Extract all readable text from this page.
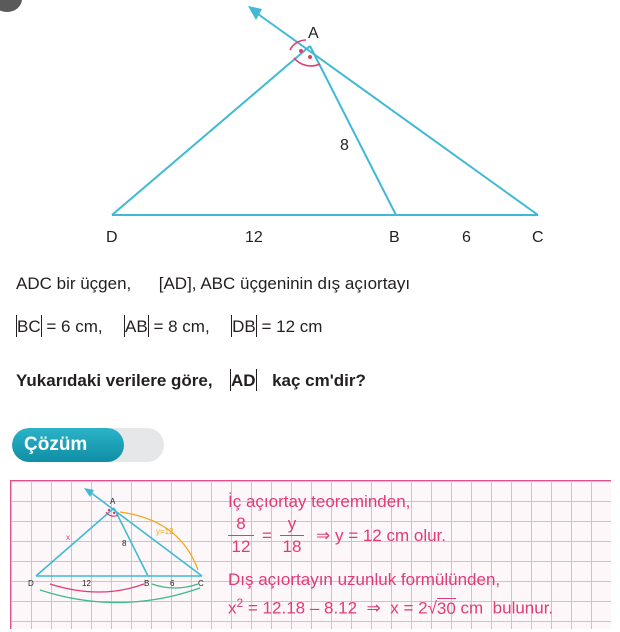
A
D	B	C
8
12	6
ADC bir üçgen, [AD], ABC üçgeninin dış açıortayı
BC = 6 cm, AB = 8 cm, DB = 12 cm
Yukarıdaki verilere göre, AD kaç cm'dir?
Çözüm
A
D	B	C
x
8
y=12
12	6
İç açıortay teoreminden,
8
12
=
y
18
⇒ y = 12 cm olur.
Dış açıortayın uzunluk formülünden,
$x^2 = 12.18 - 8.12$  ⇒  x = 2√30 cm  bulunur.
